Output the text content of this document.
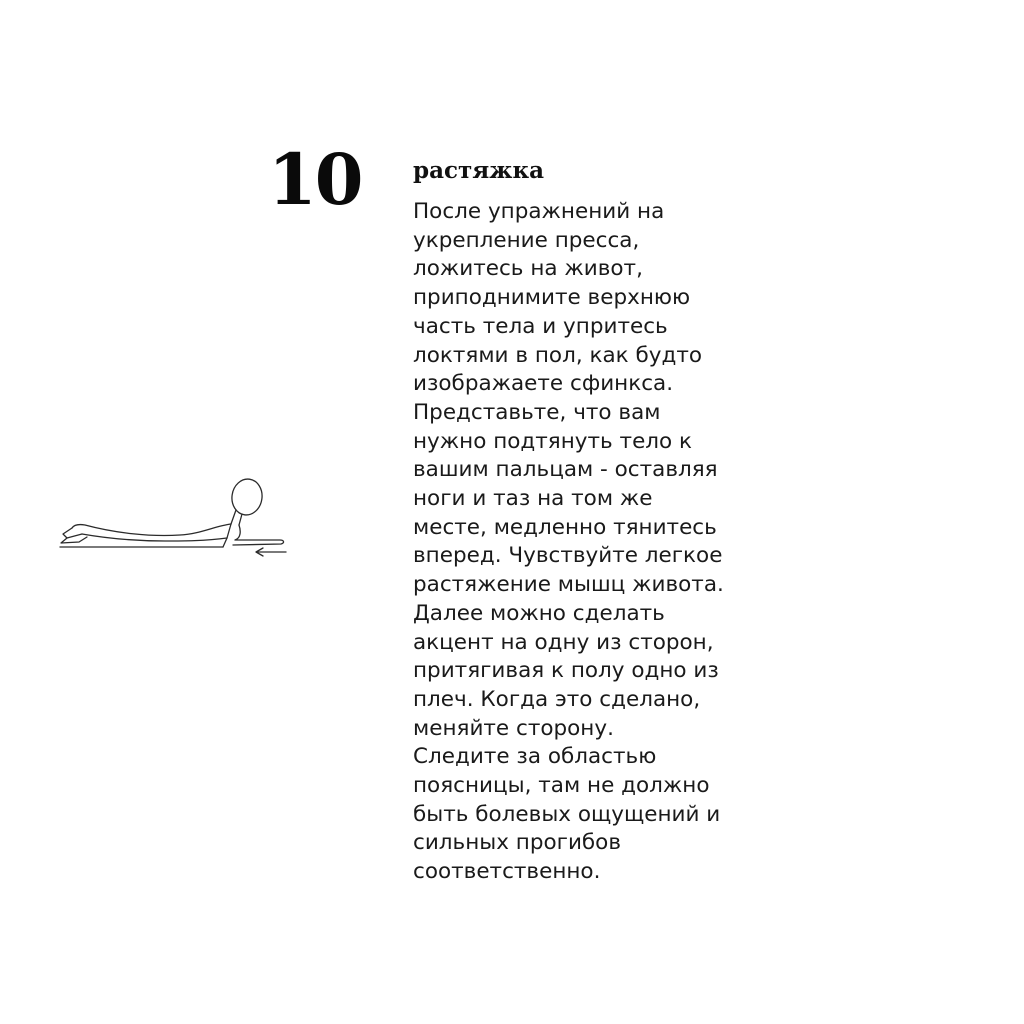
10 растяжка

После упражнений на
укрепление пресса,
ложитесь на живот,
приподнимите верхнюю
часть тела и упритесь
локтями в пол, как будто
изображаете сфинкса.
Представьте, что вам
нужно подтянуть тело к
вашим пальцам - оставляя
ноги и таз на том же
месте, медленно тянитесь
вперед. Чувствуйте легкое
растяжение мышц живота.
Далее можно сделать
акцент на одну из сторон,
притягивая к полу одно из
плеч. Когда это сделано,
меняйте сторону.
Следите за областью
поясницы, там не должно
быть болевых ощущений и
сильных прогибов
соответственно.
